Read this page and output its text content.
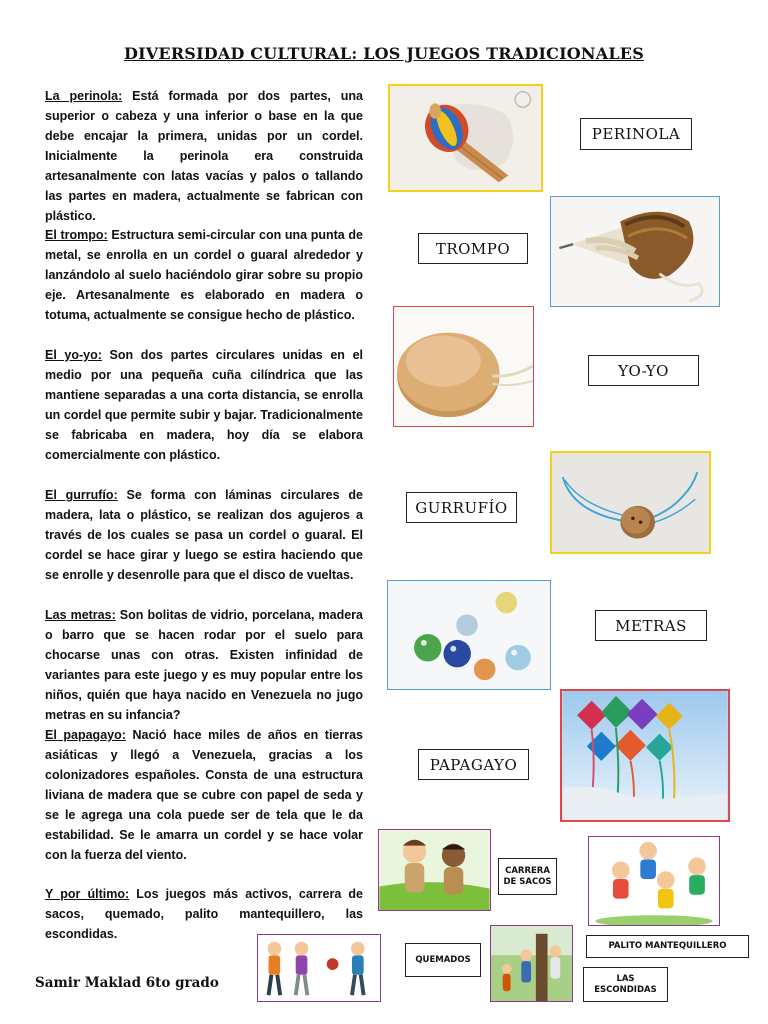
DIVERSIDAD CULTURAL: LOS JUEGOS TRADICIONALES

La perinola: Está formada por dos partes, una superior o cabeza y una inferior o base en la que debe encajar la primera, unidas por un cordel. Inicialmente la perinola era construida artesanalmente con latas vacías y palos o tallando las partes en madera, actualmente se fabrican con plástico.

El trompo: Estructura semi-circular con una punta de metal, se enrolla en un cordel o guaral alrededor y lanzándolo al suelo haciéndolo girar sobre su propio eje. Artesanalmente es elaborado en madera o totuma, actualmente se consigue hecho de plástico.

El yo-yo: Son dos partes circulares unidas en el medio por una pequeña cuña cilíndrica que las mantiene separadas a una corta distancia, se enrolla un cordel que permite subir y bajar. Tradicionalmente se fabricaba en madera, hoy día se elabora comercialmente con plástico.

El gurrufío: Se forma con láminas circulares de madera, lata o plástico, se realizan dos agujeros a través de los cuales se pasa un cordel o guaral. El cordel se hace girar y luego se estira haciendo que se enrolle y desenrolle para que el disco de vueltas.

Las metras: Son bolitas de vidrio, porcelana, madera o barro que se hacen rodar por el suelo para chocarse unas con otras. Existen infinidad de variantes para este juego y es muy popular entre los niños, quién que haya nacido en Venezuela no jugo metras en su infancia?

El papagayo: Nació hace miles de años en tierras asiáticas y llegó a Venezuela, gracias a los colonizadores españoles. Consta de una estructura liviana de madera que se cubre con papel de seda y se le agrega una cola puede ser de tela que le da estabilidad. Se le amarra un cordel y se hace volar con la fuerza del viento.

Y por último: Los juegos más activos, carrera de sacos, quemado, palito mantequillero, las escondidas.

PERINOLA
TROMPO
YO-YO
GURRUFÍO
METRAS
PAPAGAYO
CARRERA DE SACOS
PALITO MANTEQUILLERO
QUEMADOS
LAS ESCONDIDAS
Samir Maklad 6to grado
